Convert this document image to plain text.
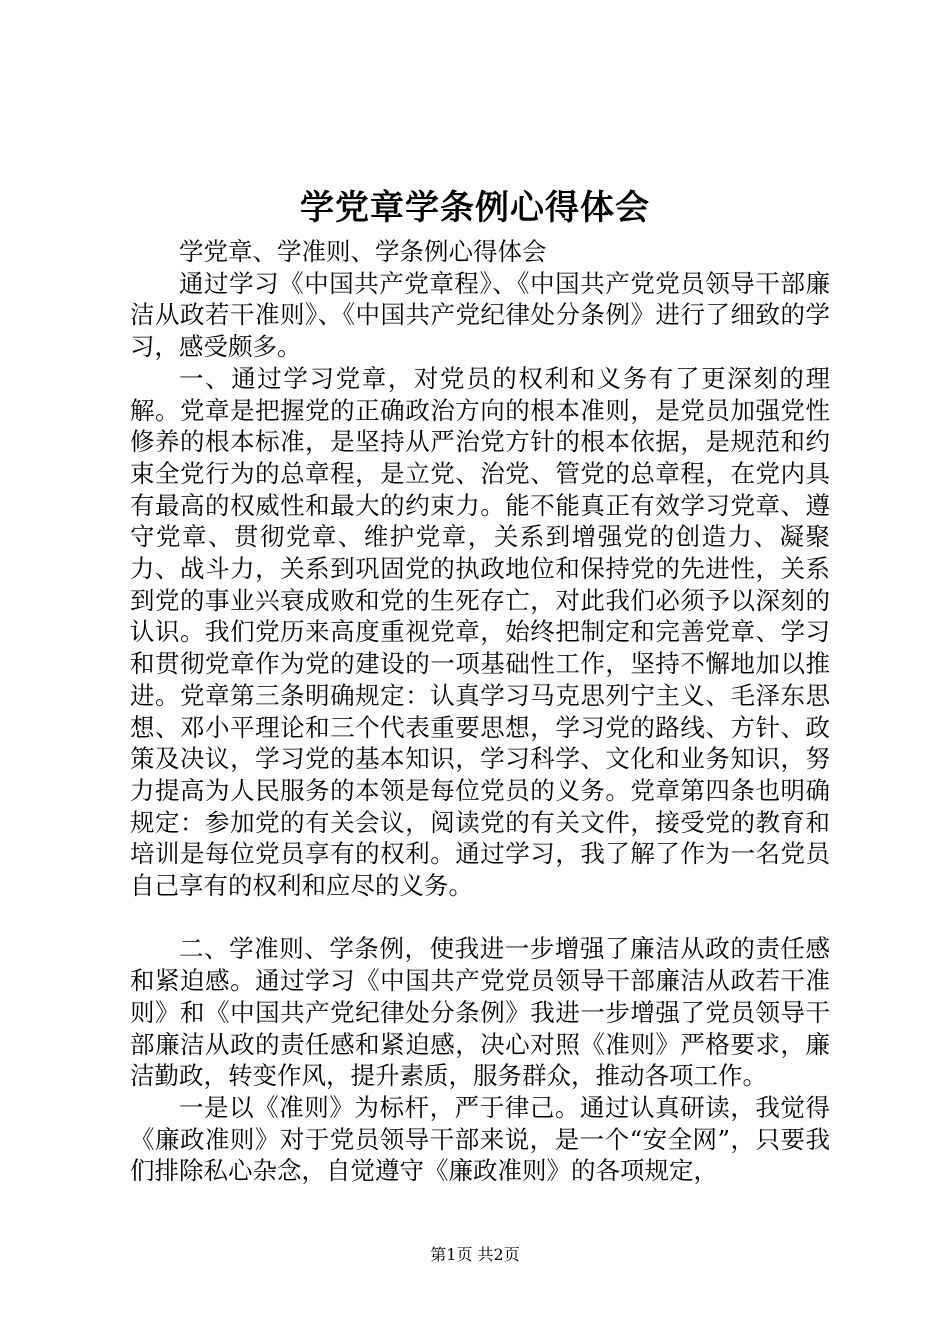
学党章学条例心得体会

学党章、学准则、学条例心得体会

通过学习《中国共产党章程》、《中国共产党党员领导干部廉洁从政若干准则》、《中国共产党纪律处分条例》进行了细致的学习，感受颇多。

一、通过学习党章，对党员的权利和义务有了更深刻的理解。党章是把握党的正确政治方向的根本准则，是党员加强党性修养的根本标准，是坚持从严治党方针的根本依据，是规范和约束全党行为的总章程，是立党、治党、管党的总章程，在党内具有最高的权威性和最大的约束力。能不能真正有效学习党章、遵守党章、贯彻党章、维护党章，关系到增强党的创造力、凝聚力、战斗力，关系到巩固党的执政地位和保持党的先进性，关系到党的事业兴衰成败和党的生死存亡，对此我们必须予以深刻的认识。我们党历来高度重视党章，始终把制定和完善党章、学习和贯彻党章作为党的建设的一项基础性工作，坚持不懈地加以推进。党章第三条明确规定：认真学习马克思列宁主义、毛泽东思想、邓小平理论和三个代表重要思想，学习党的路线、方针、政策及决议，学习党的基本知识，学习科学、文化和业务知识，努力提高为人民服务的本领是每位党员的义务。党章第四条也明确规定：参加党的有关会议，阅读党的有关文件，接受党的教育和培训是每位党员享有的权利。通过学习，我了解了作为一名党员自己享有的权利和应尽的义务。

二、学准则、学条例，使我进一步增强了廉洁从政的责任感和紧迫感。通过学习《中国共产党党员领导干部廉洁从政若干准则》和《中国共产党纪律处分条例》我进一步增强了党员领导干部廉洁从政的责任感和紧迫感，决心对照《准则》严格要求，廉洁勤政，转变作风，提升素质，服务群众，推动各项工作。

一是以《准则》为标杆，严于律己。通过认真研读，我觉得《廉政准则》对于党员领导干部来说，是一个“安全网”，只要我们排除私心杂念，自觉遵守《廉政准则》的各项规定，

第1页 共2页
